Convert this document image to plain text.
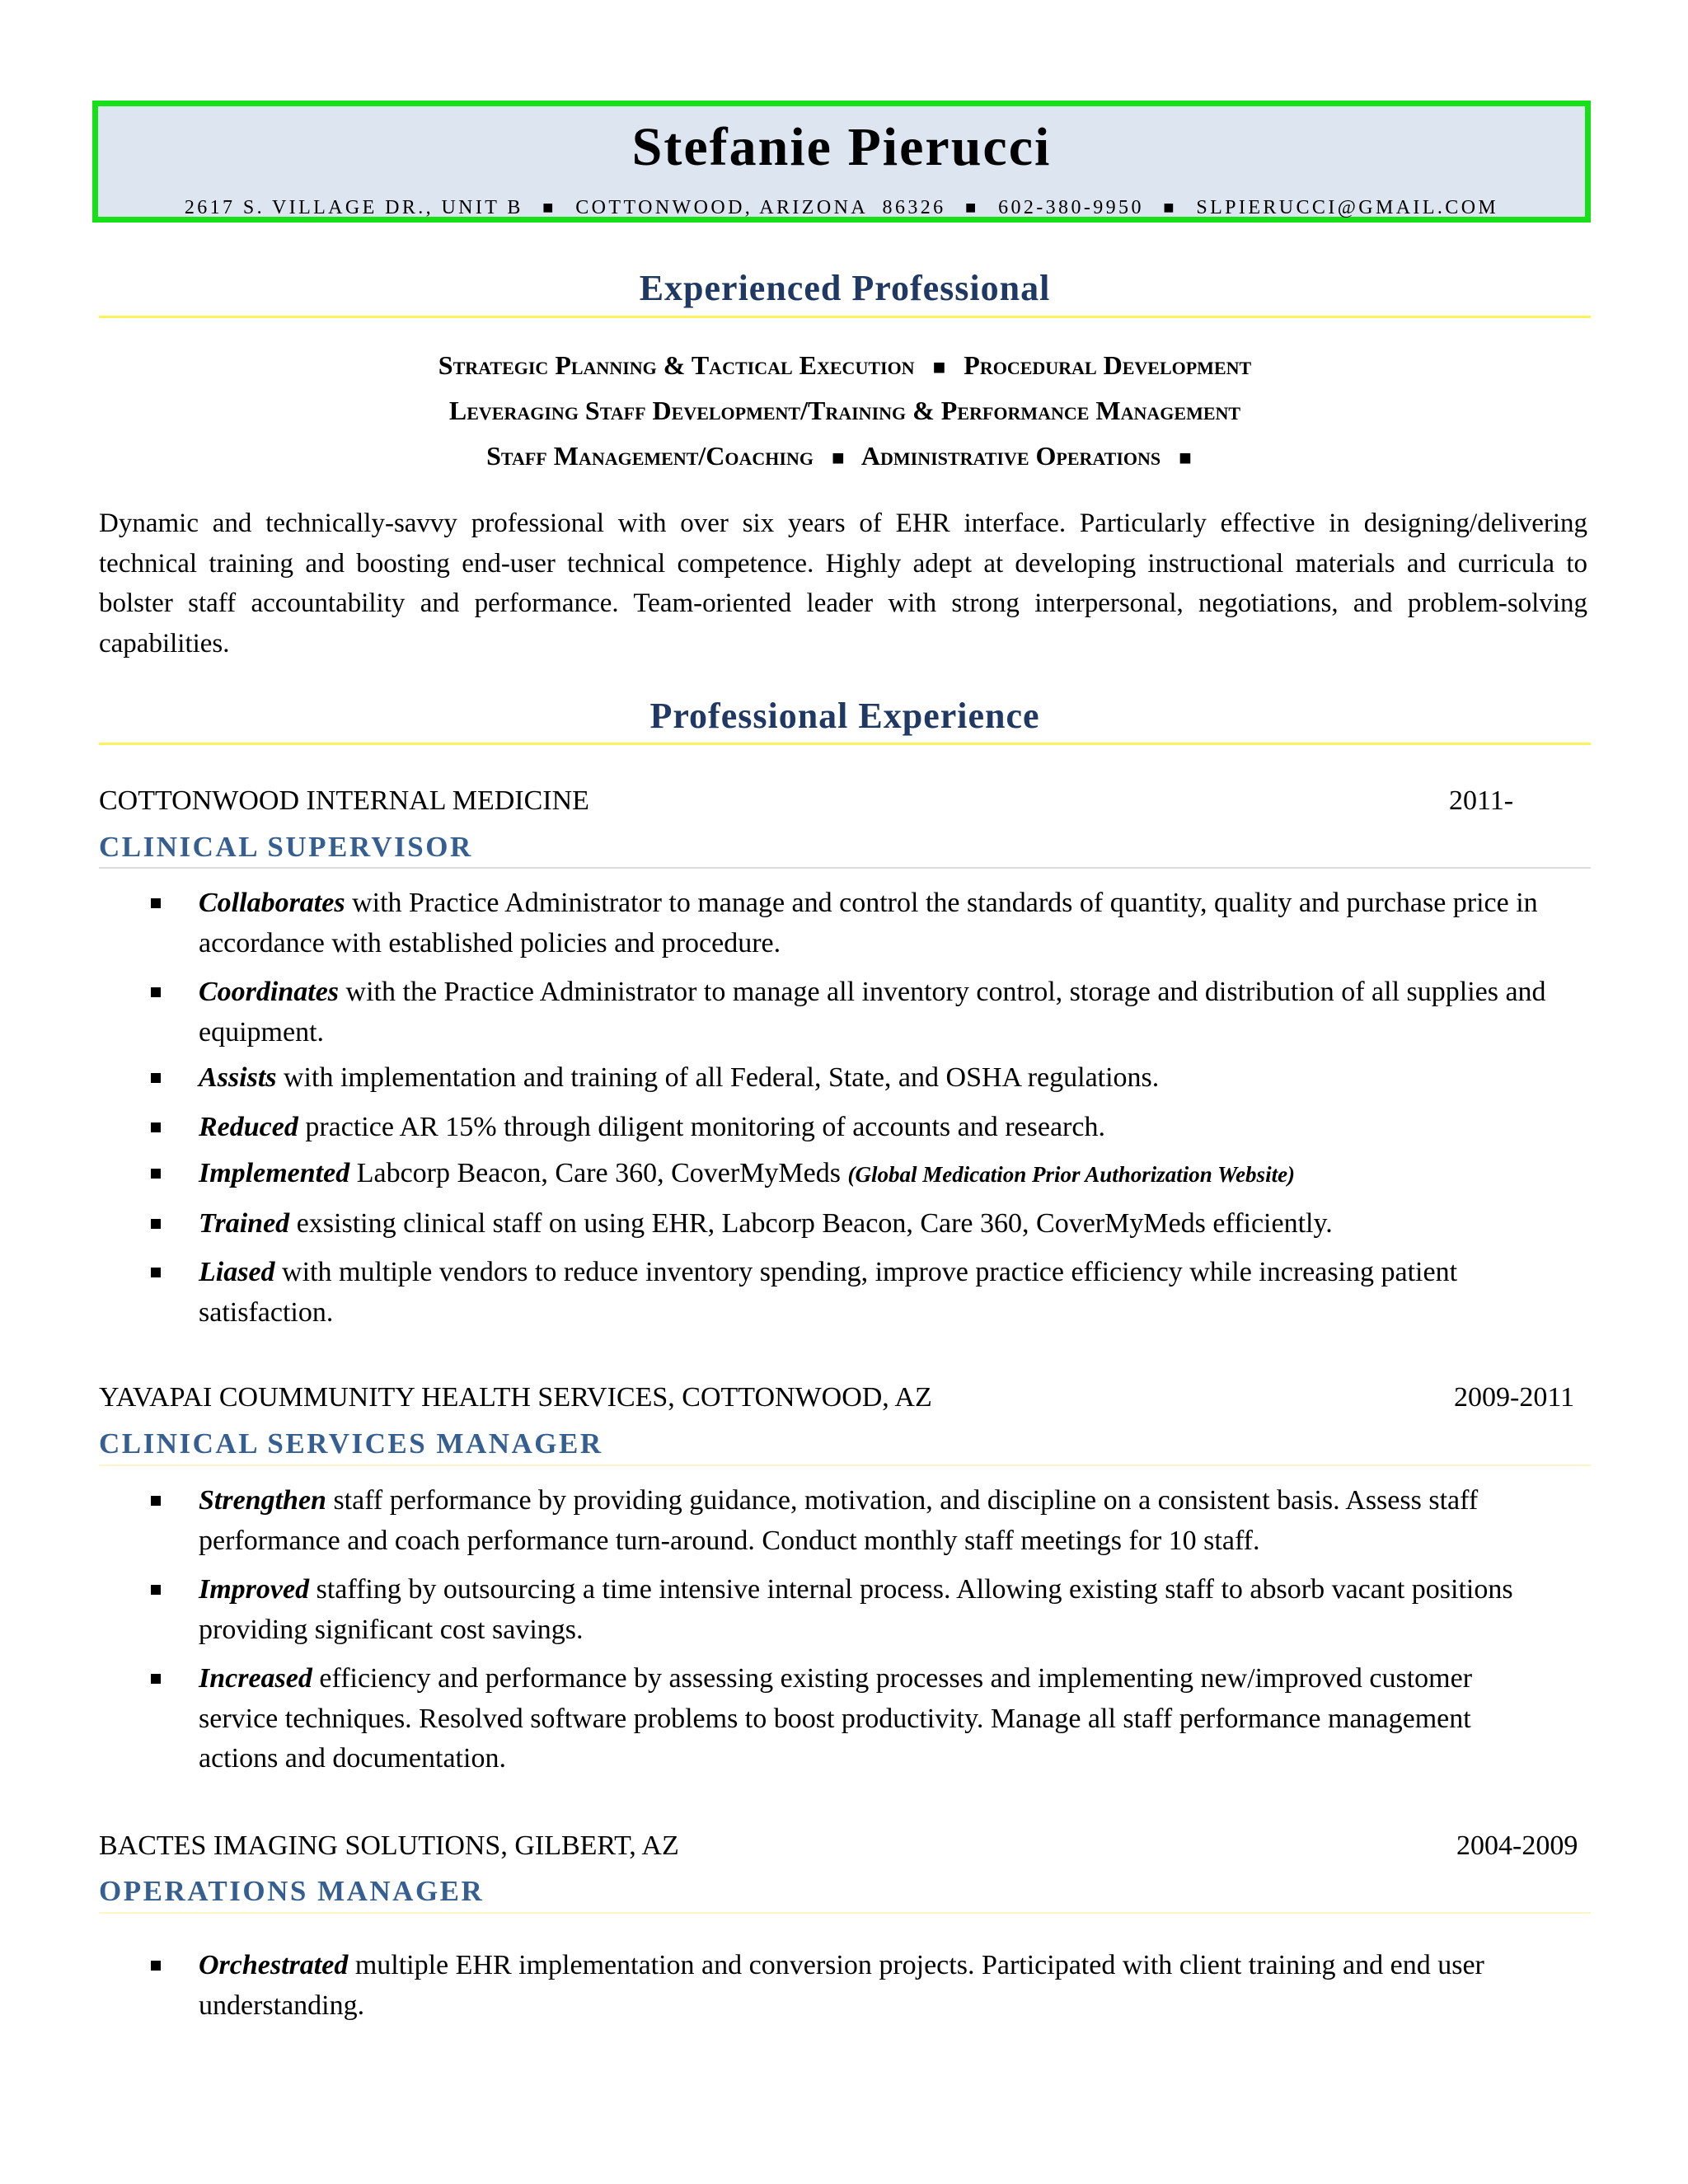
Stefanie Pierucci
2617 S. VILLAGE DR., UNIT B ■ COTTONWOOD, ARIZONA  86326 ■ 602-380-9950 ■ SLPIERUCCI@GMAIL.COM
Experienced Professional
Strategic Planning & Tactical Execution ■ Procedural Development
Leveraging Staff Development/Training & Performance Management
Staff Management/Coaching ■ Administrative Operations ■
Dynamic and technically-savvy professional with over six years of EHR interface. Particularly effective in designing/delivering technical training and boosting end-user technical competence. Highly adept at developing instructional materials and curricula to bolster staff accountability and performance. Team-oriented leader with strong interpersonal, negotiations, and problem-solving capabilities.
Professional Experience
COTTONWOOD INTERNAL MEDICINE	2011-
CLINICAL SUPERVISOR
Collaborates with Practice Administrator to manage and control the standards of quantity, quality and purchase price in accordance with established policies and procedure.
Coordinates with the Practice Administrator to manage all inventory control, storage and distribution of all supplies and equipment.
Assists with implementation and training of all Federal, State, and OSHA regulations.
Reduced practice AR 15% through diligent monitoring of accounts and research.
Implemented Labcorp Beacon, Care 360, CoverMyMeds (Global Medication Prior Authorization Website)
Trained exsisting clinical staff on using EHR, Labcorp Beacon, Care 360, CoverMyMeds efficiently.
Liased with multiple vendors to reduce inventory spending, improve practice efficiency while increasing patient satisfaction.
YAVAPAI COUMMUNITY HEALTH SERVICES, COTTONWOOD, AZ	2009-2011
CLINICAL SERVICES MANAGER
Strengthen staff performance by providing guidance, motivation, and discipline on a consistent basis. Assess staff performance and coach performance turn-around. Conduct monthly staff meetings for 10 staff.
Improved staffing by outsourcing a time intensive internal process. Allowing existing staff to absorb vacant positions providing significant cost savings.
Increased efficiency and performance by assessing existing processes and implementing new/improved customer service techniques. Resolved software problems to boost productivity. Manage all staff performance management actions and documentation.
BACTES IMAGING SOLUTIONS, GILBERT, AZ	2004-2009
OPERATIONS MANAGER
Orchestrated multiple EHR implementation and conversion projects. Participated with client training and end user understanding.
